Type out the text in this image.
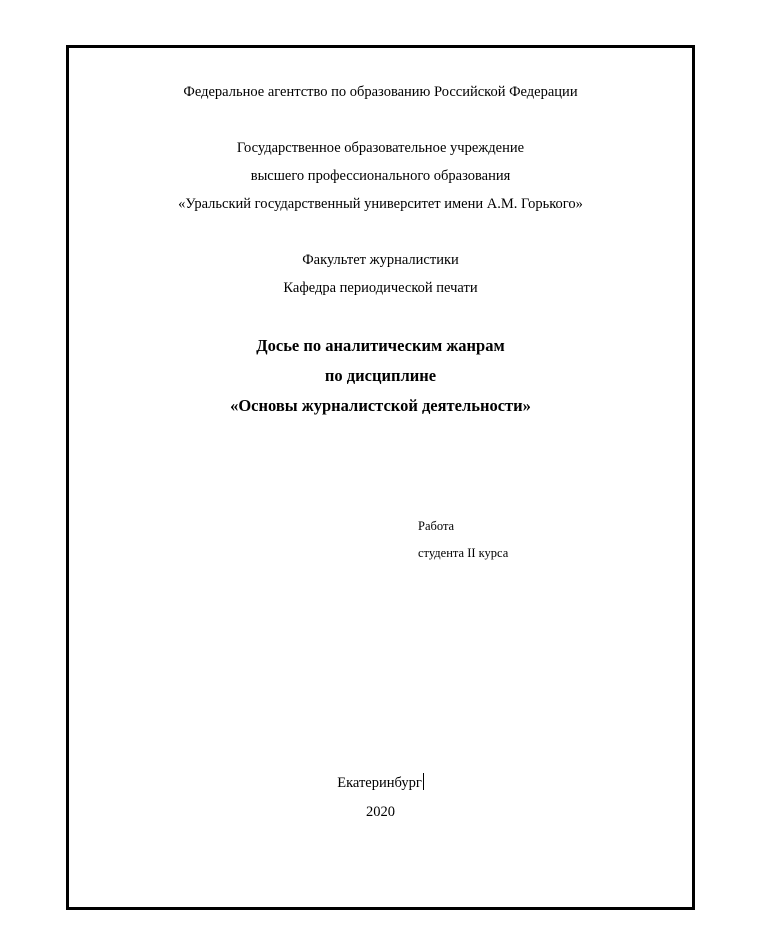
Федеральное агентство по образованию Российской Федерации
Государственное образовательное учреждение
высшего профессионального образования
«Уральский государственный университет имени А.М. Горького»
Факультет журналистики
Кафедра периодической печати
Досье по аналитическим жанрам
по дисциплине
«Основы журналистской деятельности»
Работа
студента II курса
Екатеринбург
2020
